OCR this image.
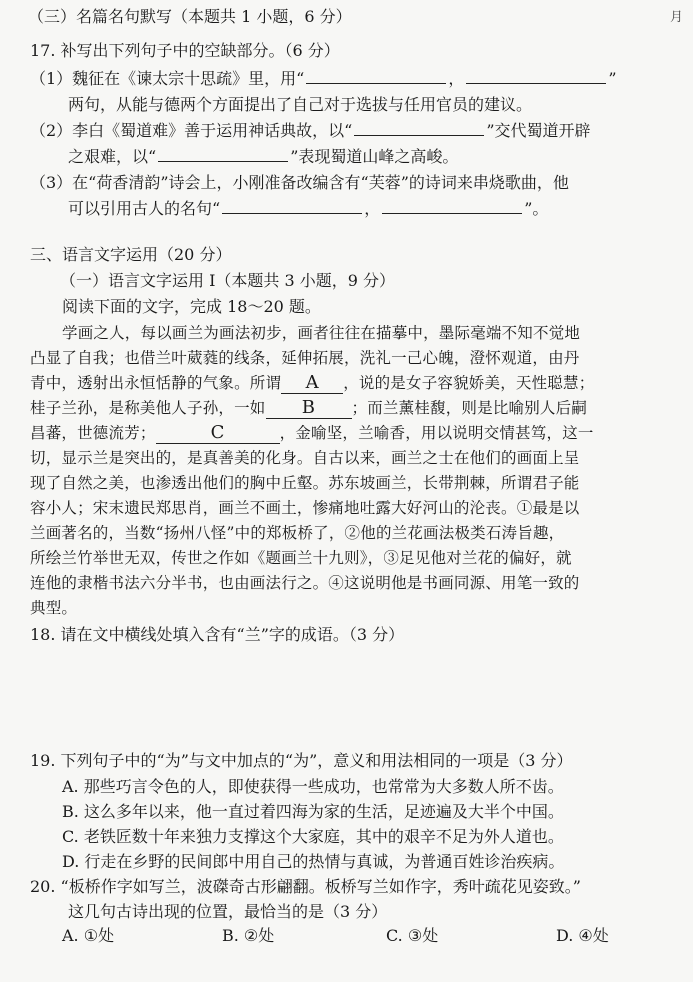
月
（三）名篇名句默写（本题共 1 小题，6 分）
17. 补写出下列句子中的空缺部分。（6 分）
（1）魏征在《谏太宗十思疏》里，用“	，	”
两句，从能与德两个方面提出了自己对于选拔与任用官员的建议。
（2）李白《蜀道难》善于运用神话典故，以“	”交代蜀道开辟
之艰难，以“	”表现蜀道山峰之高峻。
（3）在“荷香清韵”诗会上，小刚准备改编含有“芙蓉”的诗词来串烧歌曲，他
可以引用古人的名句“	，	”。
三、语言文字运用（20 分）
（一）语言文字运用 I（本题共 3 小题，9 分）
阅读下面的文字，完成 18～20 题。
学画之人，每以画兰为画法初步，画者往往在描摹中，墨际毫端不知不觉地
凸显了自我；也借兰叶葳蕤的线条，延伸拓展，洗礼一己心魄，澄怀观道，由丹
青中，透射出永恒恬静的气象。所谓 A ，说的是女子容貌娇美，天性聪慧；
桂子兰孙，是称美他人子孙，一如 B ；而兰薰桂馥，则是比喻别人后嗣
昌蕃，世德流芳；	C	，金喻坚，兰喻香，用以说明交情甚笃，这一
切，显示兰是突出的，是真善美的化身。自古以来，画兰之士在他们的画面上呈
现了自然之美，也渗透出他们的胸中丘壑。苏东坡画兰，长带荆棘，所谓君子能
容小人；宋末遗民郑思肖，画兰不画土，惨痛地吐露大好河山的沦丧。①最是以
兰画著名的，当数“扬州八怪”中的郑板桥了，②他的兰花画法极类石涛旨趣，
所绘兰竹举世无双，传世之作如《题画兰十九则》，③足见他对兰花的偏好，就
连他的隶楷书法六分半书，也由画法行之。④这说明他是书画同源、用笔一致的
典型。
18. 请在文中横线处填入含有“兰”字的成语。（3 分）
19. 下列句子中的“为”与文中加点的“为”，意义和用法相同的一项是（3 分）
A. 那些巧言令色的人，即使获得一些成功，也常常为大多数人所不齿。
B. 这么多年以来，他一直过着四海为家的生活，足迹遍及大半个中国。
C. 老铁匠数十年来独力支撑这个大家庭，其中的艰辛不足为外人道也。
D. 行走在乡野的民间郎中用自己的热情与真诚，为普通百姓诊治疾病。
20. “板桥作字如写兰，波磔奇古形翩翻。板桥写兰如作字，秀叶疏花见姿致。”
这几句古诗出现的位置，最恰当的是（3 分）
A. ①处	B. ②处	C. ③处	D. ④处
